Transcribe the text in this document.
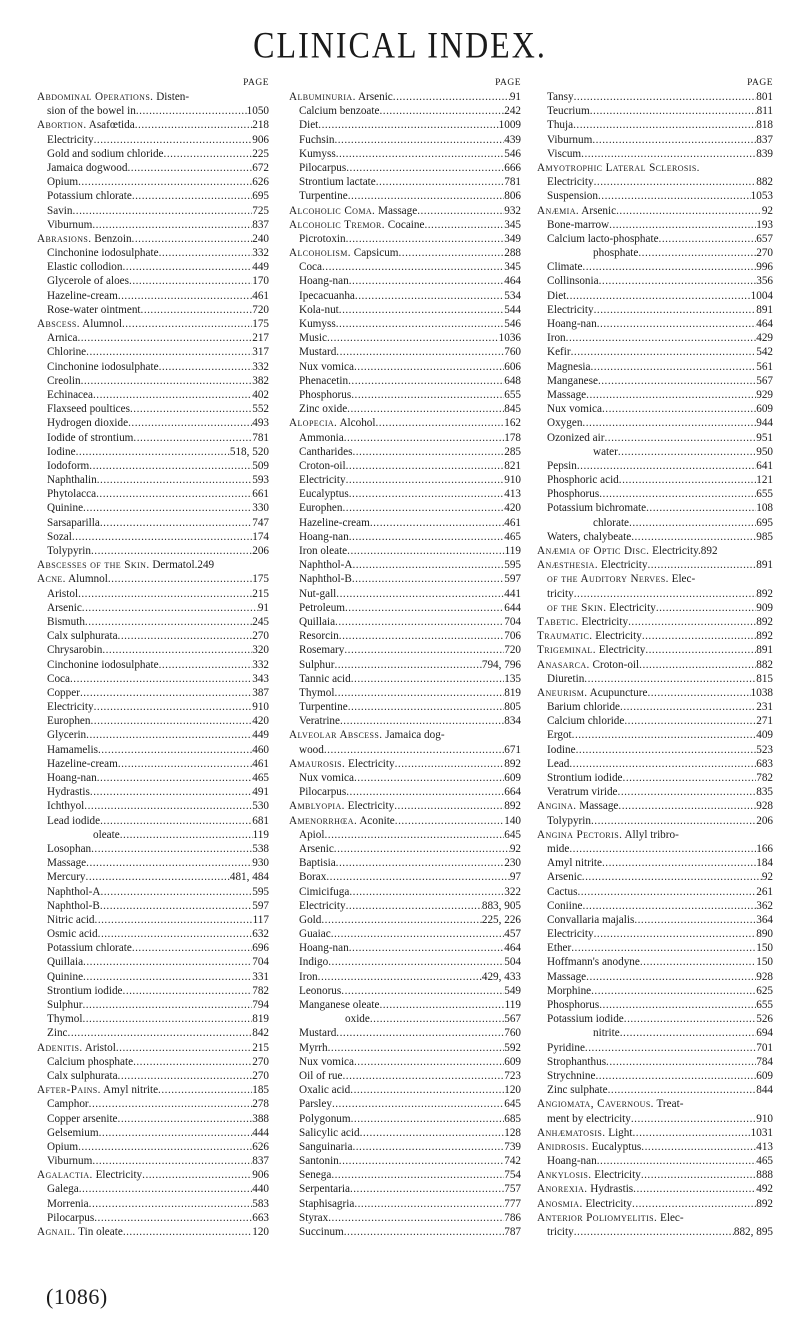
CLINICAL INDEX.
PAGE
Abdominal Operations. Disten-
sion of the bowel in .....	1050
Abortion. Asafœtida .....	218
Electricity .....	906
Gold and sodium chloride .....	225
Jamaica dogwood .....	672
Opium .....	626
Potassium chlorate .....	695
Savin .....	725
Viburnum .....	837
Abrasions. Benzoin .....	240
Cinchonine iodosulphate .....	332
Elastic collodion .....	449
Glycerole of aloes .....	170
Hazeline-cream .....	461
Rose-water ointment .....	720
Abscess. Alumnol .....	175
Arnica .....	217
Chlorine .....	317
Cinchonine iodosulphate .....	332
Creolin .....	382
Echinacea .....	402
Flaxseed poultices .....	552
Hydrogen dioxide .....	493
Iodide of strontium .....	781
Iodine .....	518, 520
Iodoform .....	509
Naphthalin .....	593
Phytolacca .....	661
Quinine .....	330
Sarsaparilla .....	747
Sozal .....	174
Tolypyrin .....	206
Abscesses of the Skin. Dermatol.249
Acne. Alumnol .....	175
Aristol .....	215
Arsenic .....	91
Bismuth .....	245
Calx sulphurata .....	270
Chrysarobin .....	320
Cinchonine iodosulphate .....	332
Coca .....	343
Copper .....	387
Electricity .....	910
Europhen .....	420
Glycerin .....	449
Hamamelis .....	460
Hazeline-cream .....	461
Hoang-nan .....	465
Hydrastis .....	491
Ichthyol .....	530
Lead iodide .....	681
oleate .....	119
Losophan .....	538
Massage .....	930
Mercury .....	481, 484
Naphthol-A .....	595
Naphthol-B .....	597
Nitric acid .....	117
Osmic acid .....	632
Potassium chlorate .....	696
Quillaia .....	704
Quinine .....	331
Strontium iodide .....	782
Sulphur .....	794
Thymol .....	819
Zinc .....	842
Adenitis. Aristol .....	215
Calcium phosphate .....	270
Calx sulphurata .....	270
After-Pains. Amyl nitrite .....	185
Camphor .....	278
Copper arsenite .....	388
Gelsemium .....	444
Opium .....	626
Viburnum .....	837
Agalactia. Electricity .....	906
Galega .....	440
Morrenia .....	583
Pilocarpus .....	663
Agnail. Tin oleate .....	120
PAGE
Albuminuria. Arsenic .....	91
Calcium benzoate .....	242
Diet .....	1009
Fuchsin .....	439
Kumyss .....	546
Pilocarpus .....	666
Strontium lactate .....	781
Turpentine .....	806
Alcoholic Coma. Massage .....	932
Alcoholic Tremor. Cocaine .....	345
Picrotoxin .....	349
Alcoholism. Capsicum .....	288
Coca .....	345
Hoang-nan .....	464
Ipecacuanha .....	534
Kola-nut .....	544
Kumyss .....	546
Music .....	1036
Mustard .....	760
Nux vomica .....	606
Phenacetin .....	648
Phosphorus .....	655
Zinc oxide .....	845
Alopecia. Alcohol .....	162
Ammonia .....	178
Cantharides .....	285
Croton-oil .....	821
Electricity .....	910
Eucalyptus .....	413
Europhen .....	420
Hazeline-cream .....	461
Hoang-nan .....	465
Iron oleate .....	119
Naphthol-A .....	595
Naphthol-B .....	597
Nut-gall .....	441
Petroleum .....	644
Quillaia .....	704
Resorcin .....	706
Rosemary .....	720
Sulphur .....	794, 796
Tannic acid .....	135
Thymol .....	819
Turpentine .....	805
Veratrine .....	834
Alveolar Abscess. Jamaica dog-
wood .....	671
Amaurosis. Electricity .....	892
Nux vomica .....	609
Pilocarpus .....	664
Amblyopia. Electricity .....	892
Amenorrhœa. Aconite .....	140
Apiol .....	645
Arsenic .....	92
Baptisia .....	230
Borax .....	97
Cimicifuga .....	322
Electricity .....	883, 905
Gold .....	225, 226
Guaiac .....	457
Hoang-nan .....	464
Indigo .....	504
Iron .....	429, 433
Leonorus .....	549
Manganese oleate .....	119
oxide .....	567
Mustard .....	760
Myrrh .....	592
Nux vomica .....	609
Oil of rue .....	723
Oxalic acid .....	120
Parsley .....	645
Polygonum .....	685
Salicylic acid .....	128
Sanguinaria .....	739
Santonin .....	742
Senega .....	754
Serpentaria .....	757
Staphisagria .....	777
Styrax .....	786
Succinum .....	787
PAGE
Tansy .....	801
Teucrium .....	811
Thuja .....	818
Viburnum .....	837
Viscum .....	839
Amyotrophic Lateral Sclerosis.
Electricity .....	882
Suspension .....	1053
Anæmia. Arsenic .....	92
Bone-marrow .....	193
Calcium lacto-phosphate .....	657
phosphate .....	270
Climate .....	996
Collinsonia .....	356
Diet .....	1004
Electricity .....	891
Hoang-nan .....	464
Iron .....	429
Kefir .....	542
Magnesia .....	561
Manganese .....	567
Massage .....	929
Nux vomica .....	609
Oxygen .....	944
Ozonized air .....	951
water .....	950
Pepsin .....	641
Phosphoric acid .....	121
Phosphorus .....	655
Potassium bichromate .....	108
chlorate .....	695
Waters, chalybeate .....	985
Anæmia of Optic Disc. Electricity.892
Anæsthesia. Electricity .....	891
of the Auditory Nerves. Elec-
tricity .....	892
of the Skin. Electricity .....	909
Tabetic. Electricity .....	892
Traumatic. Electricity .....	892
Trigeminal. Electricity .....	891
Anasarca. Croton-oil .....	882
Diuretin .....	815
Aneurism. Acupuncture .....	1038
Barium chloride .....	231
Calcium chloride .....	271
Ergot .....	409
Iodine .....	523
Lead .....	683
Strontium iodide .....	782
Veratrum viride .....	835
Angina. Massage .....	928
Tolypyrin .....	206
Angina Pectoris. Allyl tribro-
mide .....	166
Amyl nitrite .....	184
Arsenic .....	92
Cactus .....	261
Coniine .....	362
Convallaria majalis .....	364
Electricity .....	890
Ether .....	150
Hoffmann's anodyne .....	150
Massage .....	928
Morphine .....	625
Phosphorus .....	655
Potassium iodide .....	526
nitrite .....	694
Pyridine .....	701
Strophanthus .....	784
Strychnine .....	609
Zinc sulphate .....	844
Angiomata, Cavernous. Treat-
ment by electricity .....	910
Anhæmatosis. Light .....	1031
Anidrosis. Eucalyptus .....	413
Hoang-nan .....	465
Ankylosis. Electricity .....	888
Anorexia. Hydrastis .....	492
Anosmia. Electricity .....	892
Anterior Poliomyelitis. Elec-
tricity .....	882, 895
(1086)
